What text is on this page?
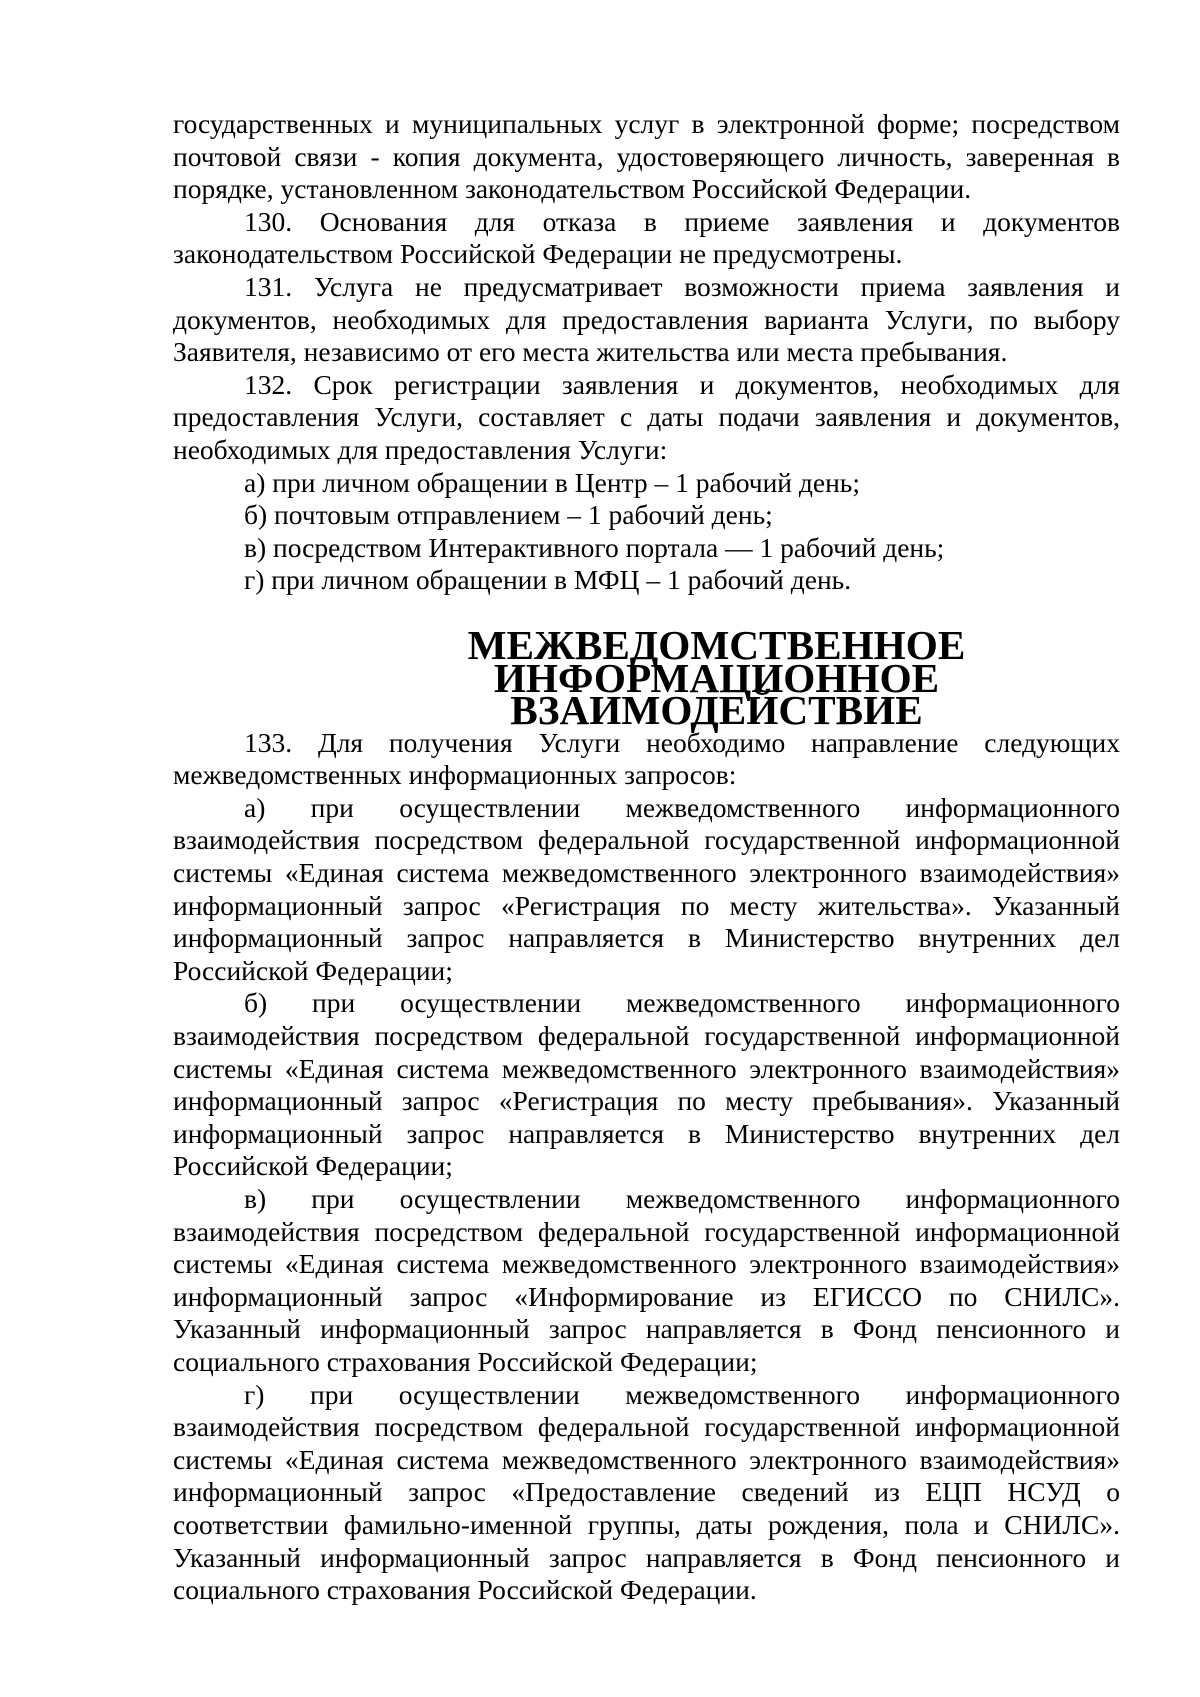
государственных и муниципальных услуг в электронной форме; посредством почтовой связи - копия документа, удостоверяющего личность, заверенная в порядке, установленном законодательством Российской Федерации.

130. Основания для отказа в приеме заявления и документов законодательством Российской Федерации не предусмотрены.

131. Услуга не предусматривает возможности приема заявления и документов, необходимых для предоставления варианта Услуги, по выбору Заявителя, независимо от его места жительства или места пребывания.

132. Срок регистрации заявления и документов, необходимых для предоставления Услуги, составляет с даты подачи заявления и документов, необходимых для предоставления Услуги:

а) при личном обращении в Центр – 1 рабочий день;

б) почтовым отправлением – 1 рабочий день;

в) посредством Интерактивного портала — 1 рабочий день;

г) при личном обращении в МФЦ – 1 рабочий день.

МЕЖВЕДОМСТВЕННОЕ ИНФОРМАЦИОННОЕ
ВЗАИМОДЕЙСТВИЕ

133. Для получения Услуги необходимо направление следующих межведомственных информационных запросов:

а) при осуществлении межведомственного информационного взаимодействия посредством федеральной государственной информационной системы «Единая система межведомственного электронного взаимодействия» информационный запрос «Регистрация по месту жительства». Указанный информационный запрос направляется в Министерство внутренних дел Российской Федерации;

б) при осуществлении межведомственного информационного взаимодействия посредством федеральной государственной информационной системы «Единая система межведомственного электронного взаимодействия» информационный запрос «Регистрация по месту пребывания». Указанный информационный запрос направляется в Министерство внутренних дел Российской Федерации;

в) при осуществлении межведомственного информационного взаимодействия посредством федеральной государственной информационной системы «Единая система межведомственного электронного взаимодействия» информационный запрос «Информирование из ЕГИССО по СНИЛС». Указанный информационный запрос направляется в Фонд пенсионного и социального страхования Российской Федерации;

г) при осуществлении межведомственного информационного взаимодействия посредством федеральной государственной информационной системы «Единая система межведомственного электронного взаимодействия» информационный запрос «Предоставление сведений из ЕЦП НСУД о соответствии фамильно-именной группы, даты рождения, пола и СНИЛС». Указанный информационный запрос направляется в Фонд пенсионного и социального страхования Российской Федерации.
